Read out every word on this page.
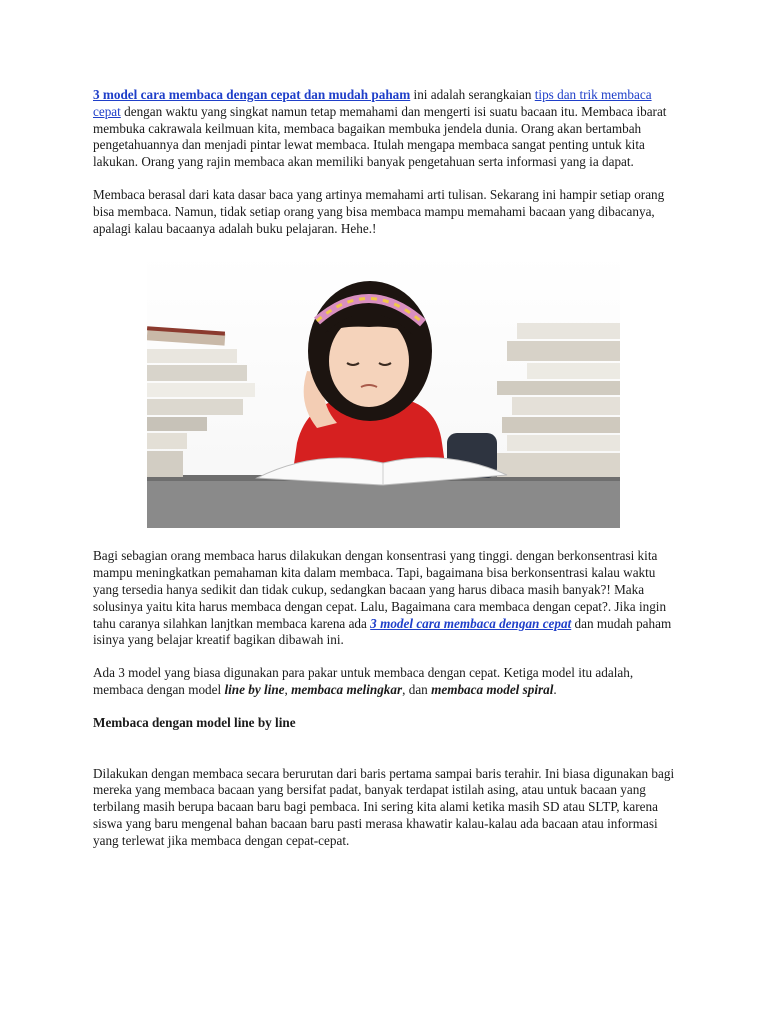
3 model cara membaca dengan cepat dan mudah paham ini adalah serangkaian tips dan trik membaca cepat dengan waktu yang singkat namun tetap memahami dan mengerti isi suatu bacaan itu. Membaca ibarat membuka cakrawala keilmuan kita, membaca bagaikan membuka jendela dunia. Orang akan bertambah pengetahuannya dan menjadi pintar lewat membaca. Itulah mengapa membaca sangat penting untuk kita lakukan. Orang yang rajin membaca akan memiliki banyak pengetahuan serta informasi yang ia dapat.

Membaca berasal dari kata dasar baca yang artinya memahami arti tulisan. Sekarang ini hampir setiap orang bisa membaca. Namun, tidak setiap orang yang bisa membaca mampu memahami bacaan yang dibacanya, apalagi kalau bacaanya adalah buku pelajaran. Hehe.!

Bagi sebagian orang membaca harus dilakukan dengan konsentrasi yang tinggi. dengan berkonsentrasi kita mampu meningkatkan pemahaman kita dalam membaca. Tapi, bagaimana bisa berkonsentrasi kalau waktu yang tersedia hanya sedikit dan tidak cukup, sedangkan bacaan yang harus dibaca masih banyak?! Maka solusinya yaitu kita harus membaca dengan cepat. Lalu, Bagaimana cara membaca dengan cepat?. Jika ingin tahu caranya silahkan lanjtkan membaca karena ada 3 model cara membaca dengan cepat dan mudah paham isinya yang belajar kreatif bagikan dibawah ini.

Ada 3 model yang biasa digunakan para pakar untuk membaca dengan cepat. Ketiga model itu adalah, membaca dengan model line by line, membaca melingkar, dan membaca model spiral.

Membaca dengan model line by line

Dilakukan dengan membaca secara berurutan dari baris pertama sampai baris terahir. Ini biasa digunakan bagi mereka yang membaca bacaan yang bersifat padat, banyak terdapat istilah asing, atau untuk bacaan yang terbilang masih berupa bacaan baru bagi pembaca. Ini sering kita alami ketika masih SD atau SLTP, karena siswa yang baru mengenal bahan bacaan baru pasti merasa khawatir kalau-kalau ada bacaan atau informasi yang terlewat jika membaca dengan cepat-cepat.
